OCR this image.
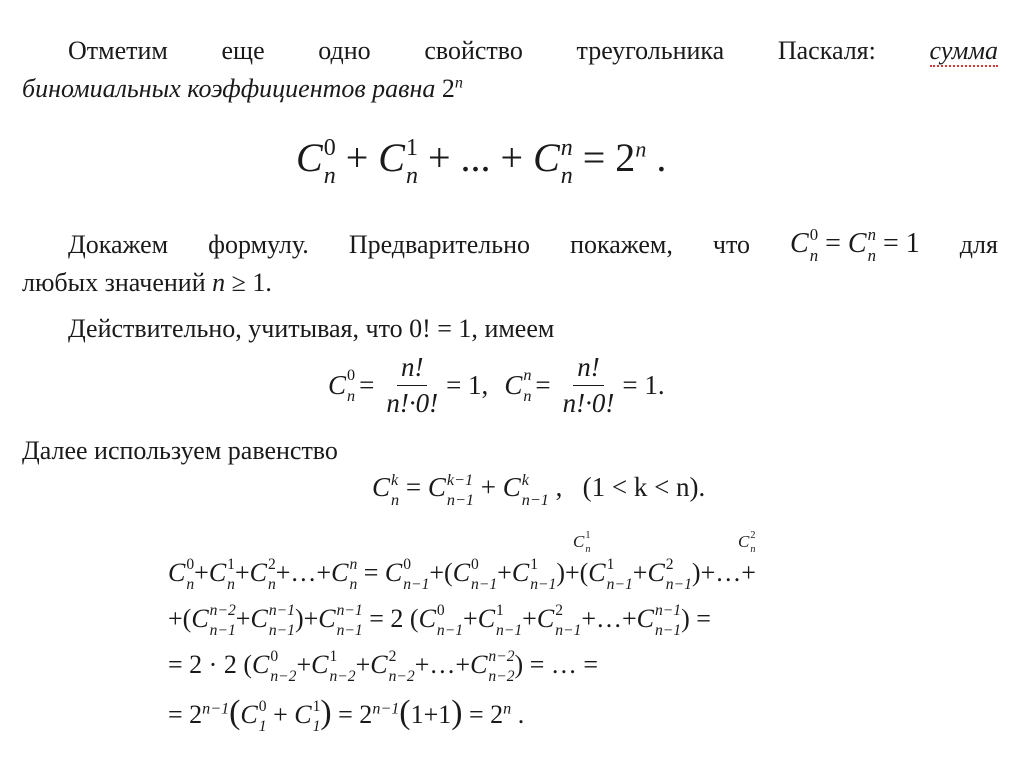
Отметим еще одно свойство треугольника Паскаля: сумма
биномиальных коэффициентов равна 2$^n$
C 0
n + C 1
n + ... + C n
$n = 2^n$ .
Докажем формулу. Предварительно покажем, что C 0
n = C n
n = 1 для
любых значений n ≥ 1.
Действительно, учитывая, что 0! = 1, имеем
C 0
$n = \frac{n!}{n!\cdot 0!} = 1$, C n
$n = \frac{n!}{n!\cdot 0!} = 1$.
Далее используем равенство
C k
n = C k−1
n−1 + C k
n−1 ,   (1 < k < n).
C 1
n	C 2
n
C 0
n +C 1
n +C 2
n +…+C n
n = C 0
n−1 +(C 0
n−1 +C 1
n−1 )+(C 1
n−1 +C 2
n−1 )+…+
+(C n−2
n−1 +C n−1
n−1 )+C n−1
n−1 = 2 (C 0
n−1 +C 1
n−1 +C 2
n−1 +…+C n−1
n−1 ) =
= 2 · 2 (C 0
n−2 +C 1
n−2 +C 2
n−2 +…+C n−2
n−2 ) = … =
= $2^{n-1}(C$ 0
1 + C 1
1 ) = $2^{n-1}(1+1) = 2^n$ .
